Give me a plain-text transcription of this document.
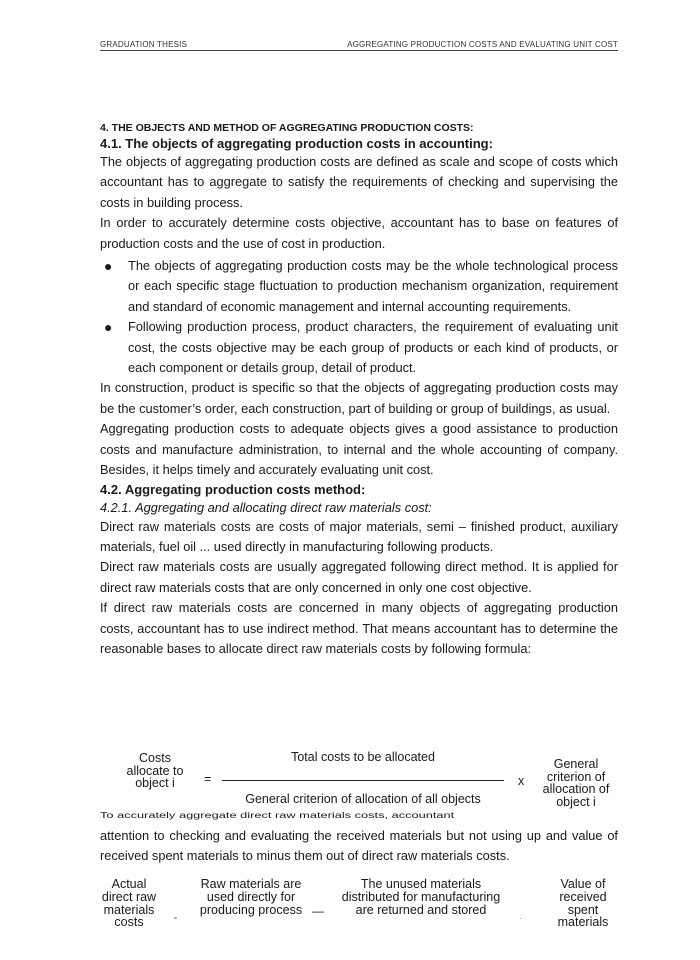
GRADUATION THESIS	AGGREGATING PRODUCTION COSTS AND EVALUATING UNIT COST
4. THE OBJECTS AND METHOD OF AGGREGATING PRODUCTION COSTS:
4.1. The objects of aggregating production costs in accounting:

The objects of aggregating production costs are defined as scale and scope of costs which accountant has to aggregate to satisfy the requirements of checking and supervising the costs in building process.

In order to accurately determine costs objective, accountant has to base on features of production costs and the use of cost in production.

● The objects of aggregating production costs may be the whole technological process or each specific stage fluctuation to production mechanism organization, requirement and standard of economic management and internal accounting requirements.
● Following production process, product characters, the requirement of evaluating unit cost, the costs objective may be each group of products or each kind of products, or each component or details group, detail of product.

In construction, product is specific so that the objects of aggregating production costs may be the customer’s order, each construction, part of building or group of buildings, as usual.

Aggregating production costs to adequate objects gives a good assistance to production costs and manufacture administration, to internal and the whole accounting of company. Besides, it helps timely and accurately evaluating unit cost.

4.2. Aggregating production costs method:
4.2.1. Aggregating and allocating direct raw materials cost:

Direct raw materials costs are costs of major materials, semi – finished product, auxiliary materials, fuel oil ... used directly in manufacturing following products.

Direct raw materials costs are usually aggregated following direct method. It is applied for direct raw materials costs that are only concerned in only one cost objective.

If direct raw materials costs are concerned in many objects of aggregating production costs, accountant has to use indirect method. That means accountant has to determine the reasonable bases to allocate direct raw materials costs by following formula:

Costs allocate to object i	=
Total costs to be allocated
General criterion of allocation of all objects
x
General criterion of allocation of object i
To accurately aggregate direct raw materials costs, accountant

attention to checking and evaluating the received materials but not using up and value of received spent materials to minus them out of direct raw materials costs.

Actual direct raw materials costs	=
Raw materials are used directly for producing process —
The unused materials distributed for manufacturing are returned and stored
-
Value of received spent materials
